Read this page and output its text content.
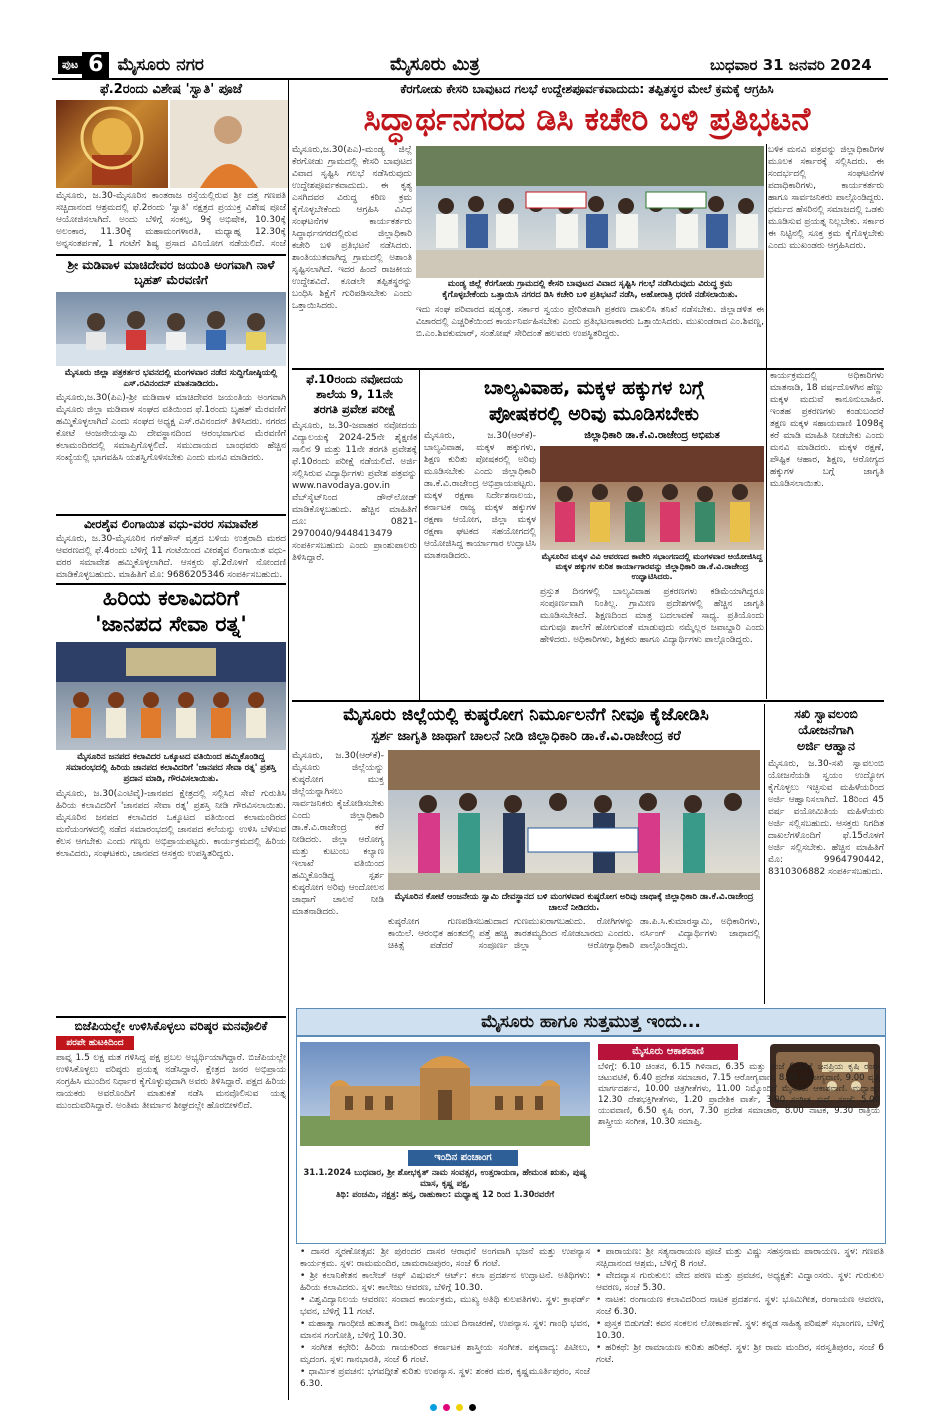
ಪುಟ 6 ಮೈಸೂರು ನಗರ	ಮೈಸೂರು ಮಿತ್ರ	ಬುಧವಾರ 31 ಜನವರಿ 2024
ಫೆ.2ರಂದು ವಿಶೇಷ 'ಸ್ವಾತಿ' ಪೂಜೆ
ಮೈಸೂರು, ಜ.30-ಮೈಸೂರಿನ ಕಾಂತರಾಜ ರಸ್ತೆಯಲ್ಲಿರುವ ಶ್ರೀ ದತ್ತ ಗಣಪತಿ ಸಚ್ಚಿದಾನಂದ ಆಶ್ರಮದಲ್ಲಿ ಫೆ.2ರಂದು 'ಸ್ವಾತಿ' ನಕ್ಷತ್ರದ ಪ್ರಯುಕ್ತ ವಿಶೇಷ ಪೂಜೆ ಆಯೋಜಿಸಲಾಗಿದೆ. ಅಂದು ಬೆಳಿಗ್ಗೆ ಸಂಕಲ್ಪ, 9ಕ್ಕೆ ಅಭಿಷೇಕ, 10.30ಕ್ಕೆ ಅಲಂಕಾರ, 11.30ಕ್ಕೆ ಮಹಾಮಂಗಳಾರತಿ, ಮಧ್ಯಾಹ್ನ 12.30ಕ್ಕೆ ಅನ್ನಸಂತರ್ಪಣೆ, 1 ಗಂಟೆಗೆ ಶಿಷ್ಯ ಪ್ರಸಾದ ವಿನಿಯೋಗ ನಡೆಯಲಿದೆ. ಸಂಜೆ
ಶ್ರೀ ಮಡಿವಾಳ ಮಾಚಿದೇವರ ಜಯಂತಿ ಅಂಗವಾಗಿ ನಾಳೆ ಬೃಹತ್ ಮೆರವಣಿಗೆ
ಮೈಸೂರು ಜಿಲ್ಲಾ ಪತ್ರಕರ್ತರ ಭವನದಲ್ಲಿ ಮಂಗಳವಾರ ನಡೆದ ಸುದ್ದಿಗೋಷ್ಠಿಯಲ್ಲಿ ಎಸ್.ರವಿನಂದನ್ ಮಾತನಾಡಿದರು.
ಮೈಸೂರು,ಜ.30(ಪಿಎ)-ಶ್ರೀ ಮಡಿವಾಳ ಮಾಚಿದೇವರ ಜಯಂತಿಯ ಅಂಗವಾಗಿ ಮೈಸೂರು ಜಿಲ್ಲಾ ಮಡಿವಾಳ ಸಂಘದ ವತಿಯಿಂದ ಫೆ.1ರಂದು ಬೃಹತ್ ಮೆರವಣಿಗೆ ಹಮ್ಮಿಕೊಳ್ಳಲಾಗಿದೆ ಎಂದು ಸಂಘದ ಅಧ್ಯಕ್ಷ ಎಸ್.ರವಿನಂದನ್ ತಿಳಿಸಿದರು. ನಗರದ ಕೋಟೆ ಆಂಜನೇಯಸ್ವಾಮಿ ದೇವಸ್ಥಾನದಿಂದ ಆರಂಭವಾಗುವ ಮೆರವಣಿಗೆ ಕಲಾಮಂದಿರದಲ್ಲಿ ಸಮಾಪ್ತಿಗೊಳ್ಳಲಿದೆ. ಸಮುದಾಯದ ಬಾಂಧವರು ಹೆಚ್ಚಿನ ಸಂಖ್ಯೆಯಲ್ಲಿ ಭಾಗವಹಿಸಿ ಯಶಸ್ವಿಗೊಳಿಸಬೇಕು ಎಂದು ಮನವಿ ಮಾಡಿದರು.
ವೀರಶೈವ ಲಿಂಗಾಯಿತ ವಧು-ವರರ ಸಮಾವೇಶ
ಮೈಸೂರು, ಜ.30-ಮೈಸೂರಿನ ಗನ್‌ಹೌಸ್ ವೃತ್ತದ ಬಳಿಯ ಉತ್ತರಾದಿ ಮಠದ ಆವರಣದಲ್ಲಿ ಫೆ.4ರಂದು ಬೆಳಿಗ್ಗೆ 11 ಗಂಟೆಯಿಂದ ವೀರಶೈವ ಲಿಂಗಾಯಿತ ವಧು-ವರರ ಸಮಾವೇಶ ಹಮ್ಮಿಕೊಳ್ಳಲಾಗಿದೆ. ಆಸಕ್ತರು ಫೆ.2ರೊಳಗೆ ನೋಂದಣಿ ಮಾಡಿಕೊಳ್ಳಬಹುದು. ಮಾಹಿತಿಗೆ ಮೊ: 9686205346 ಸಂಪರ್ಕಿಸಬಹುದು.
ಹಿರಿಯ ಕಲಾವಿದರಿಗೆ
'ಜಾನಪದ ಸೇವಾ ರತ್ನ'
ಮೈಸೂರಿನ ಜನಪದ ಕಲಾವಿದರ ಒಕ್ಕೂಟದ ವತಿಯಿಂದ ಹಮ್ಮಿಕೊಂಡಿದ್ದ ಸಮಾರಂಭದಲ್ಲಿ ಹಿರಿಯ ಜಾನಪದ ಕಲಾವಿದರಿಗೆ 'ಜಾನಪದ ಸೇವಾ ರತ್ನ' ಪ್ರಶಸ್ತಿ ಪ್ರದಾನ ಮಾಡಿ, ಗೌರವಿಸಲಾಯಿತು.
ಮೈಸೂರು, ಜ.30(ಎಂಟಿವೈ)-ಜಾನಪದ ಕ್ಷೇತ್ರದಲ್ಲಿ ಸಲ್ಲಿಸಿದ ಸೇವೆ ಗುರುತಿಸಿ ಹಿರಿಯ ಕಲಾವಿದರಿಗೆ 'ಜಾನಪದ ಸೇವಾ ರತ್ನ' ಪ್ರಶಸ್ತಿ ನೀಡಿ ಗೌರವಿಸಲಾಯಿತು. ಮೈಸೂರಿನ ಜನಪದ ಕಲಾವಿದರ ಒಕ್ಕೂಟದ ವತಿಯಿಂದ ಕಲಾಮಂದಿರದ ಮನೆಯಂಗಳದಲ್ಲಿ ನಡೆದ ಸಮಾರಂಭದಲ್ಲಿ ಜಾನಪದ ಕಲೆಯನ್ನು ಉಳಿಸಿ ಬೆಳೆಸುವ ಕೆಲಸ ಆಗಬೇಕು ಎಂದು ಗಣ್ಯರು ಅಭಿಪ್ರಾಯಪಟ್ಟರು. ಕಾರ್ಯಕ್ರಮದಲ್ಲಿ ಹಿರಿಯ ಕಲಾವಿದರು, ಸಂಘಟಕರು, ಜಾನಪದ ಆಸಕ್ತರು ಉಪಸ್ಥಿತರಿದ್ದರು.
ಬಿಜೆಪಿಯಲ್ಲೇ ಉಳಿಸಿಕೊಳ್ಳಲು ವರಿಷ್ಠರ ಮನವೊಲಿಕೆ
ಪರಪೇ ಹುಟಕಿದಿಂದ
ಪಾವ್ನ 1.5 ಲಕ್ಷ ಮತ ಗಳಿಸಿದ್ದ ಪಕ್ಷ ಪ್ರಬಲ ಅಭ್ಯರ್ಥಿಯಾಗಿದ್ದಾರೆ. ಬಿಜೆಪಿಯಲ್ಲೇ ಉಳಿಸಿಕೊಳ್ಳಲು ವರಿಷ್ಠರು ಪ್ರಯತ್ನ ನಡೆಸಿದ್ದಾರೆ. ಕ್ಷೇತ್ರದ ಜನರ ಅಭಿಪ್ರಾಯ ಸಂಗ್ರಹಿಸಿ ಮುಂದಿನ ನಿರ್ಧಾರ ಕೈಗೊಳ್ಳುವುದಾಗಿ ಅವರು ತಿಳಿಸಿದ್ದಾರೆ. ಪಕ್ಷದ ಹಿರಿಯ ನಾಯಕರು ಅವರೊಂದಿಗೆ ಮಾತುಕತೆ ನಡೆಸಿ ಮನವೊಲಿಸುವ ಯತ್ನ ಮುಂದುವರಿಸಿದ್ದಾರೆ. ಅಂತಿಮ ತೀರ್ಮಾನ ಶೀಘ್ರದಲ್ಲೇ ಹೊರಬೀಳಲಿದೆ.
ಕೆರಗೋಡು ಕೇಸರಿ ಬಾವುಟದ ಗಲಭೆ ಉದ್ದೇಶಪೂರ್ವಕವಾದುದು: ತಪ್ಪಿತಸ್ಥರ ಮೇಲೆ ಕ್ರಮಕ್ಕೆ ಆಗ್ರಹಿಸಿ
ಸಿದ್ಧಾರ್ಥನಗರದ ಡಿಸಿ ಕಚೇರಿ ಬಳಿ ಪ್ರತಿಭಟನೆ
ಮೈಸೂರು,ಜ.30(ಪಿಎ)-ಮಂಡ್ಯ ಜಿಲ್ಲೆ ಕೆರಗೋಡು ಗ್ರಾಮದಲ್ಲಿ ಕೇಸರಿ ಬಾವುಟದ ವಿವಾದ ಸೃಷ್ಟಿಸಿ ಗಲಭೆ ನಡೆಸಿರುವುದು ಉದ್ದೇಶಪೂರ್ವಕವಾದುದು. ಈ ಕೃತ್ಯ ಎಸಗಿದವರ ವಿರುದ್ಧ ಕಠಿಣ ಕ್ರಮ ಕೈಗೊಳ್ಳಬೇಕೆಂದು ಆಗ್ರಹಿಸಿ ವಿವಿಧ ಸಂಘಟನೆಗಳ ಕಾರ್ಯಕರ್ತರು ಸಿದ್ಧಾರ್ಥನಗರದಲ್ಲಿರುವ ಜಿಲ್ಲಾಧಿಕಾರಿ ಕಚೇರಿ ಬಳಿ ಪ್ರತಿಭಟನೆ ನಡೆಸಿದರು. ಶಾಂತಿಯುತವಾಗಿದ್ದ ಗ್ರಾಮದಲ್ಲಿ ಅಶಾಂತಿ ಸೃಷ್ಟಿಸಲಾಗಿದೆ. ಇದರ ಹಿಂದೆ ರಾಜಕೀಯ ಉದ್ದೇಶವಿದೆ. ಕೂಡಲೇ ತಪ್ಪಿತಸ್ಥರನ್ನು ಬಂಧಿಸಿ ಶಿಕ್ಷೆಗೆ ಗುರಿಪಡಿಸಬೇಕು ಎಂದು ಒತ್ತಾಯಿಸಿದರು.
ಮಂಡ್ಯ ಜಿಲ್ಲೆ ಕೆರಗೋಡು ಗ್ರಾಮದಲ್ಲಿ ಕೇಸರಿ ಬಾವುಟದ ವಿವಾದ ಸೃಷ್ಟಿಸಿ ಗಲಭೆ ನಡೆಸಿರುವುದು ವಿರುದ್ಧ ಕ್ರಮ
ಕೈಗೊಳ್ಳಬೇಕೆಂದು ಒತ್ತಾಯಿಸಿ ನಗರದ ಡಿಸಿ ಕಚೇರಿ ಬಳಿ ಪ್ರತಿಭಟನೆ ನಡೆಸಿ, ಅಹೋರಾತ್ರಿ ಧರಣಿ ನಡೆಸಲಾಯಿತು.
ಇದು ಸಂಘ ಪರಿವಾರದ ಷಡ್ಯಂತ್ರ. ಸರ್ಕಾರ ಸ್ವಯಂ ಪ್ರೇರಿತವಾಗಿ ಪ್ರಕರಣ ದಾಖಲಿಸಿ ತನಿಖೆ ನಡೆಸಬೇಕು. ಜಿಲ್ಲಾಡಳಿತ ಈ ವಿಚಾರದಲ್ಲಿ ಎಚ್ಚರಿಕೆಯಿಂದ ಕಾರ್ಯನಿರ್ವಹಿಸಬೇಕು ಎಂದು ಪ್ರತಿಭಟನಾಕಾರರು ಒತ್ತಾಯಿಸಿದರು. ಮುಖಂಡರಾದ ಎಂ.ಶಿವಣ್ಣ, ಬಿ.ಎಂ.ಶಿವಕುಮಾರ್, ಸಂತೋಷ್ ಸೇರಿದಂತೆ ಹಲವರು ಉಪಸ್ಥಿತರಿದ್ದರು.
ಬಳಿಕ ಮನವಿ ಪತ್ರವನ್ನು ಜಿಲ್ಲಾಧಿಕಾರಿಗಳ ಮೂಲಕ ಸರ್ಕಾರಕ್ಕೆ ಸಲ್ಲಿಸಿದರು. ಈ ಸಂದರ್ಭದಲ್ಲಿ ಸಂಘಟನೆಗಳ ಪದಾಧಿಕಾರಿಗಳು, ಕಾರ್ಯಕರ್ತರು ಹಾಗೂ ಸಾರ್ವಜನಿಕರು ಪಾಲ್ಗೊಂಡಿದ್ದರು. ಧರ್ಮದ ಹೆಸರಿನಲ್ಲಿ ಸಮಾಜದಲ್ಲಿ ಒಡಕು ಮೂಡಿಸುವ ಪ್ರಯತ್ನ ನಿಲ್ಲಬೇಕು. ಸರ್ಕಾರ ಈ ನಿಟ್ಟಿನಲ್ಲಿ ಸೂಕ್ತ ಕ್ರಮ ಕೈಗೊಳ್ಳಬೇಕು ಎಂದು ಮುಖಂಡರು ಆಗ್ರಹಿಸಿದರು.
ಫೆ.10ರಂದು ನವೋದಯ
ಶಾಲೆಯ 9, 11ನೇ
ತರಗತಿ ಪ್ರವೇಶ ಪರೀಕ್ಷೆ
ಮೈಸೂರು, ಜ.30-ಜವಾಹರ ನವೋದಯ ವಿದ್ಯಾಲಯಕ್ಕೆ 2024-25ನೇ ಶೈಕ್ಷಣಿಕ ಸಾಲಿನ 9 ಮತ್ತು 11ನೇ ತರಗತಿ ಪ್ರವೇಶಕ್ಕೆ ಫೆ.10ರಂದು ಪರೀಕ್ಷೆ ನಡೆಯಲಿದೆ. ಅರ್ಜಿ ಸಲ್ಲಿಸಿರುವ ವಿದ್ಯಾರ್ಥಿಗಳು ಪ್ರವೇಶ ಪತ್ರವನ್ನು www.navodaya.gov.in ವೆಬ್‌ಸೈಟ್‌ನಿಂದ ಡೌನ್‌ಲೋಡ್ ಮಾಡಿಕೊಳ್ಳಬಹುದು. ಹೆಚ್ಚಿನ ಮಾಹಿತಿಗೆ ದೂ: 0821-2970040/9448413479 ಸಂಪರ್ಕಿಸಬಹುದು ಎಂದು ಪ್ರಾಂಶುಪಾಲರು ತಿಳಿಸಿದ್ದಾರೆ.
ಬಾಲ್ಯವಿವಾಹ, ಮಕ್ಕಳ ಹಕ್ಕುಗಳ ಬಗ್ಗೆ
ಪೋಷಕರಲ್ಲಿ ಅರಿವು ಮೂಡಿಸಬೇಕು
ಜಿಲ್ಲಾಧಿಕಾರಿ ಡಾ.ಕೆ.ವಿ.ರಾಜೇಂದ್ರ ಅಭಿಮತ
ಮೈಸೂರಿನ ಮಕ್ಕಳ ವಿವಿ ಆವರಣದ ಕಾವೇರಿ ಸಭಾಂಗಣದಲ್ಲಿ ಮಂಗಳವಾರ ಆಯೋಜಿಸಿದ್ದ ಮಕ್ಕಳ ಹಕ್ಕುಗಳ ಕುರಿತ ಕಾರ್ಯಾಗಾರವನ್ನು ಜಿಲ್ಲಾಧಿಕಾರಿ ಡಾ.ಕೆ.ವಿ.ರಾಜೇಂದ್ರ ಉದ್ಘಾಟಿಸಿದರು.
ಮೈಸೂರು, ಜ.30(ಆರ್‌ಕೆ)-ಬಾಲ್ಯವಿವಾಹ, ಮಕ್ಕಳ ಹಕ್ಕುಗಳು, ಶಿಕ್ಷಣ ಕುರಿತು ಪೋಷಕರಲ್ಲಿ ಅರಿವು ಮೂಡಿಸಬೇಕು ಎಂದು ಜಿಲ್ಲಾಧಿಕಾರಿ ಡಾ.ಕೆ.ವಿ.ರಾಜೇಂದ್ರ ಅಭಿಪ್ರಾಯಪಟ್ಟರು. ಮಕ್ಕಳ ರಕ್ಷಣಾ ನಿರ್ದೇಶನಾಲಯ, ಕರ್ನಾಟಕ ರಾಜ್ಯ ಮಕ್ಕಳ ಹಕ್ಕುಗಳ ರಕ್ಷಣಾ ಆಯೋಗ, ಜಿಲ್ಲಾ ಮಕ್ಕಳ ರಕ್ಷಣಾ ಘಟಕದ ಸಹಯೋಗದಲ್ಲಿ ಆಯೋಜಿಸಿದ್ದ ಕಾರ್ಯಾಗಾರ ಉದ್ಘಾಟಿಸಿ ಮಾತನಾಡಿದರು.
ಪ್ರಸ್ತುತ ದಿನಗಳಲ್ಲಿ ಬಾಲ್ಯವಿವಾಹ ಪ್ರಕರಣಗಳು ಕಡಿಮೆಯಾಗಿದ್ದರೂ ಸಂಪೂರ್ಣವಾಗಿ ನಿಂತಿಲ್ಲ. ಗ್ರಾಮೀಣ ಪ್ರದೇಶಗಳಲ್ಲಿ ಹೆಚ್ಚಿನ ಜಾಗೃತಿ ಮೂಡಿಸಬೇಕಿದೆ. ಶಿಕ್ಷಣದಿಂದ ಮಾತ್ರ ಬದಲಾವಣೆ ಸಾಧ್ಯ. ಪ್ರತಿಯೊಂದು ಮಗುವೂ ಶಾಲೆಗೆ ಹೋಗುವಂತೆ ಮಾಡುವುದು ನಮ್ಮೆಲ್ಲರ ಜವಾಬ್ದಾರಿ ಎಂದು ಹೇಳಿದರು. ಅಧಿಕಾರಿಗಳು, ಶಿಕ್ಷಕರು ಹಾಗೂ ವಿದ್ಯಾರ್ಥಿಗಳು ಪಾಲ್ಗೊಂಡಿದ್ದರು.
ಕಾರ್ಯಕ್ರಮದಲ್ಲಿ ಅಧಿಕಾರಿಗಳು ಮಾತನಾಡಿ, 18 ವರ್ಷದೊಳಗಿನ ಹೆಣ್ಣು ಮಕ್ಕಳ ಮದುವೆ ಕಾನೂನುಬಾಹಿರ. ಇಂತಹ ಪ್ರಕರಣಗಳು ಕಂಡುಬಂದರೆ ತಕ್ಷಣ ಮಕ್ಕಳ ಸಹಾಯವಾಣಿ 1098ಕ್ಕೆ ಕರೆ ಮಾಡಿ ಮಾಹಿತಿ ನೀಡಬೇಕು ಎಂದು ಮನವಿ ಮಾಡಿದರು. ಮಕ್ಕಳ ರಕ್ಷಣೆ, ಪೌಷ್ಟಿಕ ಆಹಾರ, ಶಿಕ್ಷಣ, ಆರೋಗ್ಯದ ಹಕ್ಕುಗಳ ಬಗ್ಗೆ ಜಾಗೃತಿ ಮೂಡಿಸಲಾಯಿತು.
ಮೈಸೂರು ಜಿಲ್ಲೆಯಲ್ಲಿ ಕುಷ್ಠರೋಗ ನಿರ್ಮೂಲನೆಗೆ ನೀವೂ ಕೈಜೋಡಿಸಿ
ಸ್ಪರ್ಶ ಜಾಗೃತಿ ಜಾಥಾಗೆ ಚಾಲನೆ ನೀಡಿ ಜಿಲ್ಲಾಧಿಕಾರಿ ಡಾ.ಕೆ.ವಿ.ರಾಜೇಂದ್ರ ಕರೆ
ಮೈಸೂರು, ಜ.30(ಆರ್‌ಕೆ)-ಮೈಸೂರು ಜಿಲ್ಲೆಯನ್ನು ಕುಷ್ಠರೋಗ ಮುಕ್ತ ಜಿಲ್ಲೆಯನ್ನಾಗಿಸಲು ಸಾರ್ವಜನಿಕರು ಕೈಜೋಡಿಸಬೇಕು ಎಂದು ಜಿಲ್ಲಾಧಿಕಾರಿ ಡಾ.ಕೆ.ವಿ.ರಾಜೇಂದ್ರ ಕರೆ ನೀಡಿದರು. ಜಿಲ್ಲಾ ಆರೋಗ್ಯ ಮತ್ತು ಕುಟುಂಬ ಕಲ್ಯಾಣ ಇಲಾಖೆ ವತಿಯಿಂದ ಹಮ್ಮಿಕೊಂಡಿದ್ದ ಸ್ಪರ್ಶ ಕುಷ್ಠರೋಗ ಅರಿವು ಆಂದೋಲನ ಜಾಥಾಗೆ ಚಾಲನೆ ನೀಡಿ ಮಾತನಾಡಿದರು.
ಮೈಸೂರಿನ ಕೋಟೆ ಆಂಜನೇಯ ಸ್ವಾಮಿ ದೇವಸ್ಥಾನದ ಬಳಿ ಮಂಗಳವಾರ ಕುಷ್ಠರೋಗ ಅರಿವು ಜಾಥಾಕ್ಕೆ ಜಿಲ್ಲಾಧಿಕಾರಿ ಡಾ.ಕೆ.ವಿ.ರಾಜೇಂದ್ರ ಚಾಲನೆ ನೀಡಿದರು.
ಕುಷ್ಠರೋಗ ಗುಣಪಡಿಸಬಹುದಾದ ಕಾಯಿಲೆ. ಆರಂಭಿಕ ಹಂತದಲ್ಲಿ ಪತ್ತೆ ಹಚ್ಚಿ ಚಿಕಿತ್ಸೆ ಪಡೆದರೆ ಸಂಪೂರ್ಣ ಗುಣಮುಖರಾಗಬಹುದು. ರೋಗಿಗಳನ್ನು ತಾರತಮ್ಯದಿಂದ ನೋಡಬಾರದು ಎಂದರು. ಜಿಲ್ಲಾ ಆರೋಗ್ಯಾಧಿಕಾರಿ ಡಾ.ಪಿ.ಸಿ.ಕುಮಾರಸ್ವಾಮಿ, ಅಧಿಕಾರಿಗಳು, ನರ್ಸಿಂಗ್ ವಿದ್ಯಾರ್ಥಿಗಳು ಜಾಥಾದಲ್ಲಿ ಪಾಲ್ಗೊಂಡಿದ್ದರು.
ಸಖಿ ಸ್ವಾವಲಂಬಿ
ಯೋಜನೆಗಾಗಿ
ಅರ್ಜಿ ಆಹ್ವಾನ
ಮೈಸೂರು, ಜ.30-ಸಖಿ ಸ್ವಾವಲಂಬಿ ಯೋಜನೆಯಡಿ ಸ್ವಯಂ ಉದ್ಯೋಗ ಕೈಗೊಳ್ಳಲು ಇಚ್ಛಿಸುವ ಮಹಿಳೆಯರಿಂದ ಅರ್ಜಿ ಆಹ್ವಾನಿಸಲಾಗಿದೆ. 18ರಿಂದ 45 ವರ್ಷ ವಯೋಮಿತಿಯ ಮಹಿಳೆಯರು ಅರ್ಜಿ ಸಲ್ಲಿಸಬಹುದು. ಆಸಕ್ತರು ನಿಗದಿತ ದಾಖಲೆಗಳೊಂದಿಗೆ ಫೆ.15ರೊಳಗೆ ಅರ್ಜಿ ಸಲ್ಲಿಸಬೇಕು. ಹೆಚ್ಚಿನ ಮಾಹಿತಿಗೆ ಮೊ: 9964790442, 8310306882 ಸಂಪರ್ಕಿಸಬಹುದು.
ಮೈಸೂರು ಹಾಗೂ ಸುತ್ತಮುತ್ತ ಇಂದು...
ಇಂದಿನ ಪಂಚಾಂಗ
31.1.2024 ಬುಧವಾರ, ಶ್ರೀ ಶೋಭಕೃತ್ ನಾಮ ಸಂವತ್ಸರ, ಉತ್ತರಾಯಣ, ಹೇಮಂತ ಋತು, ಪುಷ್ಯ ಮಾಸ, ಕೃಷ್ಣ ಪಕ್ಷ,
ತಿಥಿ: ಪಂಚಮಿ, ನಕ್ಷತ್ರ: ಹಸ್ತ, ರಾಹುಕಾಲ: ಮಧ್ಯಾಹ್ನ 12 ರಿಂದ 1.30ರವರೆಗೆ
ಮೈಸೂರು ಆಕಾಶವಾಣಿ
ಬೆಳಿಗ್ಗೆ: 6.10 ಚಿಂತನ, 6.15 ಗಿಳಿನಾದ, 6.35 ಮತ್ತು ಸಂಜೆ 6.10ಕ್ಕೆ ಜನಪ್ರಿಯ ಕೃಷಿ ರಂಗ-ಚಟುವಟಿಕೆ, 6.40 ಪ್ರದೇಶ ಸಮಾಚಾರ, 7.15 ಆರೋಗ್ಯವಾಣಿ, 8.30 ಆರೋಗ್ಯವಾಣಿ, 9.00 ವೃತ್ತಿ ಮಾರ್ಗದರ್ಶನ, 10.00 ಚಿತ್ರಗೀತೆಗಳು, 11.00 ನಿಮ್ಮೊಂದಿಗೆ ಮೈಸೂರು ಆಕಾಶವಾಣಿ. ಮಧ್ಯಾಹ್ನ: 12.30 ದೇಶಭಕ್ತಿಗೀತೆಗಳು, 1.20 ಪ್ರಾದೇಶಿಕ ವಾರ್ತೆ, 3.00 ಸಂಗೀತ ಸುಧೆ. ಸಂಜೆ: 5.00 ಯುವವಾಣಿ, 6.50 ಕೃಷಿ ರಂಗ, 7.30 ಪ್ರದೇಶ ಸಮಾಚಾರ, 8.00 ನಾಟಕ, 9.30 ರಾತ್ರಿಯ ಶಾಸ್ತ್ರೀಯ ಸಂಗೀತ, 10.30 ಸಮಾಪ್ತಿ.
• ದಾಸರ ಸ್ಮರಣೋತ್ಸವ: ಶ್ರೀ ಪುರಂದರ ದಾಸರ ಆರಾಧನೆ ಅಂಗವಾಗಿ ಭಜನೆ ಮತ್ತು ಉಪನ್ಯಾಸ ಕಾರ್ಯಕ್ರಮ. ಸ್ಥಳ: ರಾಮಮಂದಿರ, ಚಾಮರಾಜಪುರಂ, ಸಂಜೆ 6 ಗಂಟೆ.
• ಶ್ರೀ ಕಲಾನಿಕೇತನ ಕಾಲೇಜ್ ಆಫ್ ವಿಷುವಲ್ ಆರ್ಟ್: ಕಲಾ ಪ್ರದರ್ಶನ ಉದ್ಘಾಟನೆ. ಅತಿಥಿಗಳು: ಹಿರಿಯ ಕಲಾವಿದರು. ಸ್ಥಳ: ಕಾಲೇಜು ಆವರಣ, ಬೆಳಿಗ್ಗೆ 10.30.
• ವಿಶ್ವವಿದ್ಯಾನಿಲಯ ಆವರಣ: ಸಂವಾದ ಕಾರ್ಯಕ್ರಮ, ಮುಖ್ಯ ಅತಿಥಿ ಕುಲಪತಿಗಳು. ಸ್ಥಳ: ಕ್ರಾಫರ್ಡ್ ಭವನ, ಬೆಳಿಗ್ಗೆ 11 ಗಂಟೆ.
• ಮಹಾತ್ಮಾ ಗಾಂಧೀಜಿ ಹುತಾತ್ಮ ದಿನ: ರಾಷ್ಟ್ರೀಯ ಯುವ ದಿನಾಚರಣೆ, ಉಪನ್ಯಾಸ. ಸ್ಥಳ: ಗಾಂಧಿ ಭವನ, ಮಾನಸ ಗಂಗೋತ್ರಿ, ಬೆಳಿಗ್ಗೆ 10.30.
• ಸಂಗೀತ ಕಛೇರಿ: ಹಿರಿಯ ಗಾಯಕರಿಂದ ಕರ್ನಾಟಕ ಶಾಸ್ತ್ರೀಯ ಸಂಗೀತ. ಪಕ್ಕವಾದ್ಯ: ಪಿಟೀಲು, ಮೃದಂಗ. ಸ್ಥಳ: ಗಾನಭಾರತಿ, ಸಂಜೆ 6 ಗಂಟೆ.
• ಧಾರ್ಮಿಕ ಪ್ರವಚನ: ಭಗವದ್ಗೀತೆ ಕುರಿತು ಉಪನ್ಯಾಸ. ಸ್ಥಳ: ಶಂಕರ ಮಠ, ಕೃಷ್ಣಮೂರ್ತಿಪುರಂ, ಸಂಜೆ 6.30.
• ಪಾರಾಯಣ: ಶ್ರೀ ಸತ್ಯನಾರಾಯಣ ಪೂಜೆ ಮತ್ತು ವಿಷ್ಣು ಸಹಸ್ರನಾಮ ಪಾರಾಯಣ. ಸ್ಥಳ: ಗಣಪತಿ ಸಚ್ಚಿದಾನಂದ ಆಶ್ರಮ, ಬೆಳಿಗ್ಗೆ 8 ಗಂಟೆ.
• ವೇದವ್ಯಾಸ ಗುರುಕುಲ: ವೇದ ಪಠಣ ಮತ್ತು ಪ್ರವಚನ, ಅಧ್ಯಕ್ಷತೆ: ವಿದ್ವಾಂಸರು. ಸ್ಥಳ: ಗುರುಕುಲ ಆವರಣ, ಸಂಜೆ 5.30.
• ನಾಟಕ: ರಂಗಾಯಣ ಕಲಾವಿದರಿಂದ ನಾಟಕ ಪ್ರದರ್ಶನ. ಸ್ಥಳ: ಭೂಮಿಗೀತ, ರಂಗಾಯಣ ಆವರಣ, ಸಂಜೆ 6.30.
• ಪುಸ್ತಕ ಬಿಡುಗಡೆ: ಕವನ ಸಂಕಲನ ಲೋಕಾರ್ಪಣೆ. ಸ್ಥಳ: ಕನ್ನಡ ಸಾಹಿತ್ಯ ಪರಿಷತ್ ಸಭಾಂಗಣ, ಬೆಳಿಗ್ಗೆ 10.30.
• ಹರಿಕಥೆ: ಶ್ರೀ ರಾಮಾಯಣ ಕುರಿತು ಹರಿಕಥೆ. ಸ್ಥಳ: ಶ್ರೀ ರಾಮ ಮಂದಿರ, ಸರಸ್ವತಿಪುರಂ, ಸಂಜೆ 6 ಗಂಟೆ.
